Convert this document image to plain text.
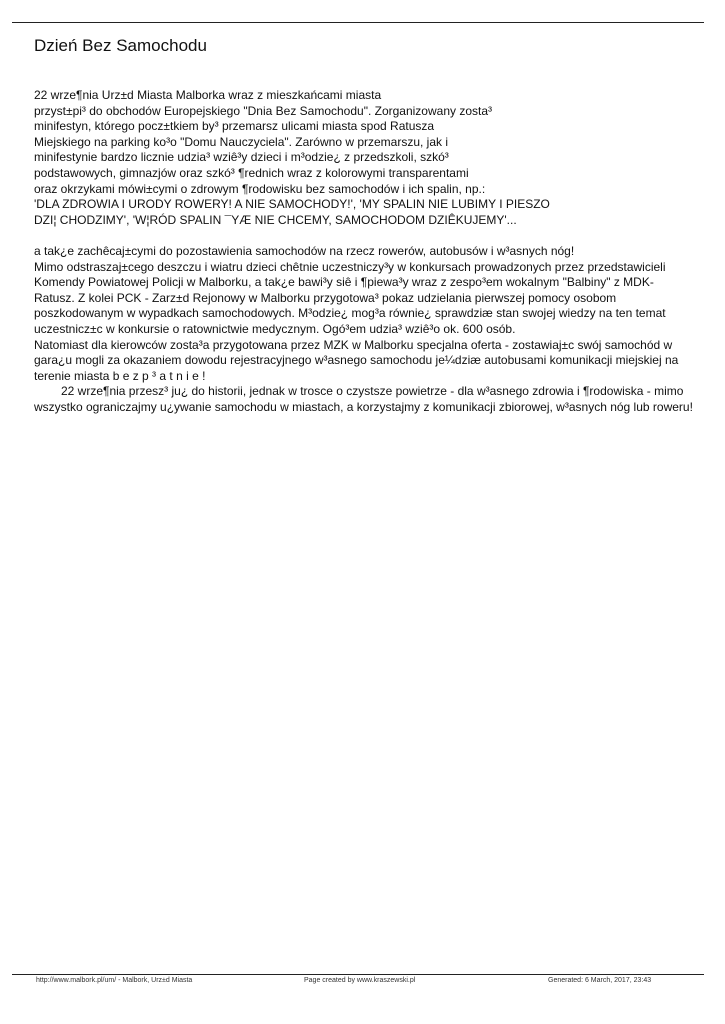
Dzień Bez Samochodu
22 wrze¶nia Urz±d Miasta Malborka wraz z mieszkańcami miasta
przyst±pi³ do obchodów Europejskiego "Dnia Bez Samochodu". Zorganizowany zosta³
minifestyn, którego pocz±tkiem by³ przemarsz ulicami miasta spod Ratusza
Miejskiego na parking ko³o "Domu Nauczyciela". Zarówno w przemarszu, jak i
minifestynie bardzo licznie udzia³ wziê³y dzieci i m³odzie¿ z przedszkoli, szkó³
podstawowych, gimnazjów oraz szkó³ ¶rednich wraz z kolorowymi transparentami
oraz okrzykami mówi±cymi o zdrowym ¶rodowisku bez samochodów i ich spalin, np.:
'DLA ZDROWIA I URODY ROWERY! A NIE SAMOCHODY!', 'MY SPALIN NIE LUBIMY I PIESZO
DZI¦ CHODZIMY', 'W¦RÓD SPALIN ¯YÆ NIE CHCEMY, SAMOCHODOM DZIÊKUJEMY'...

a tak¿e zachêcaj±cymi do pozostawienia samochodów na rzecz rowerów, autobusów i w³asnych nóg!

Mimo odstraszaj±cego deszczu i wiatru dzieci chêtnie uczestniczy³y w konkursach prowadzonych przez przedstawicieli Komendy Powiatowej Policji w Malborku, a tak¿e bawi³y siê i ¶piewa³y wraz z zespo³em wokalnym "Balbiny" z MDK-Ratusz. Z kolei PCK - Zarz±d Rejonowy w Malborku przygotowa³ pokaz udzielania pierwszej pomocy osobom poszkodowanym w wypadkach samochodowych. M³odzie¿ mog³a równie¿ sprawdziæ stan swojej wiedzy na ten temat uczestnicz±c w konkursie o ratownictwie medycznym. Ogó³em udzia³ wziê³o ok. 600 osób.

Natomiast dla kierowców zosta³a przygotowana przez MZK w Malborku specjalna oferta - zostawiaj±c swój samochód w gara¿u mogli za okazaniem dowodu rejestracyjnego w³asnego samochodu je¼dziæ autobusami komunikacji miejskiej na terenie miasta b e z p ³ a t n i e !

22 wrze¶nia przesz³ ju¿ do historii, jednak w trosce o czystsze powietrze - dla w³asnego zdrowia i ¶rodowiska - mimo wszystko ograniczajmy u¿ywanie samochodu w miastach, a korzystajmy z komunikacji zbiorowej, w³asnych nóg lub roweru!

http://www.malbork.pl/um/ - Malbork, Urz±d Miasta	Page created by www.kraszewski.pl	Generated: 6 March, 2017, 23:43
